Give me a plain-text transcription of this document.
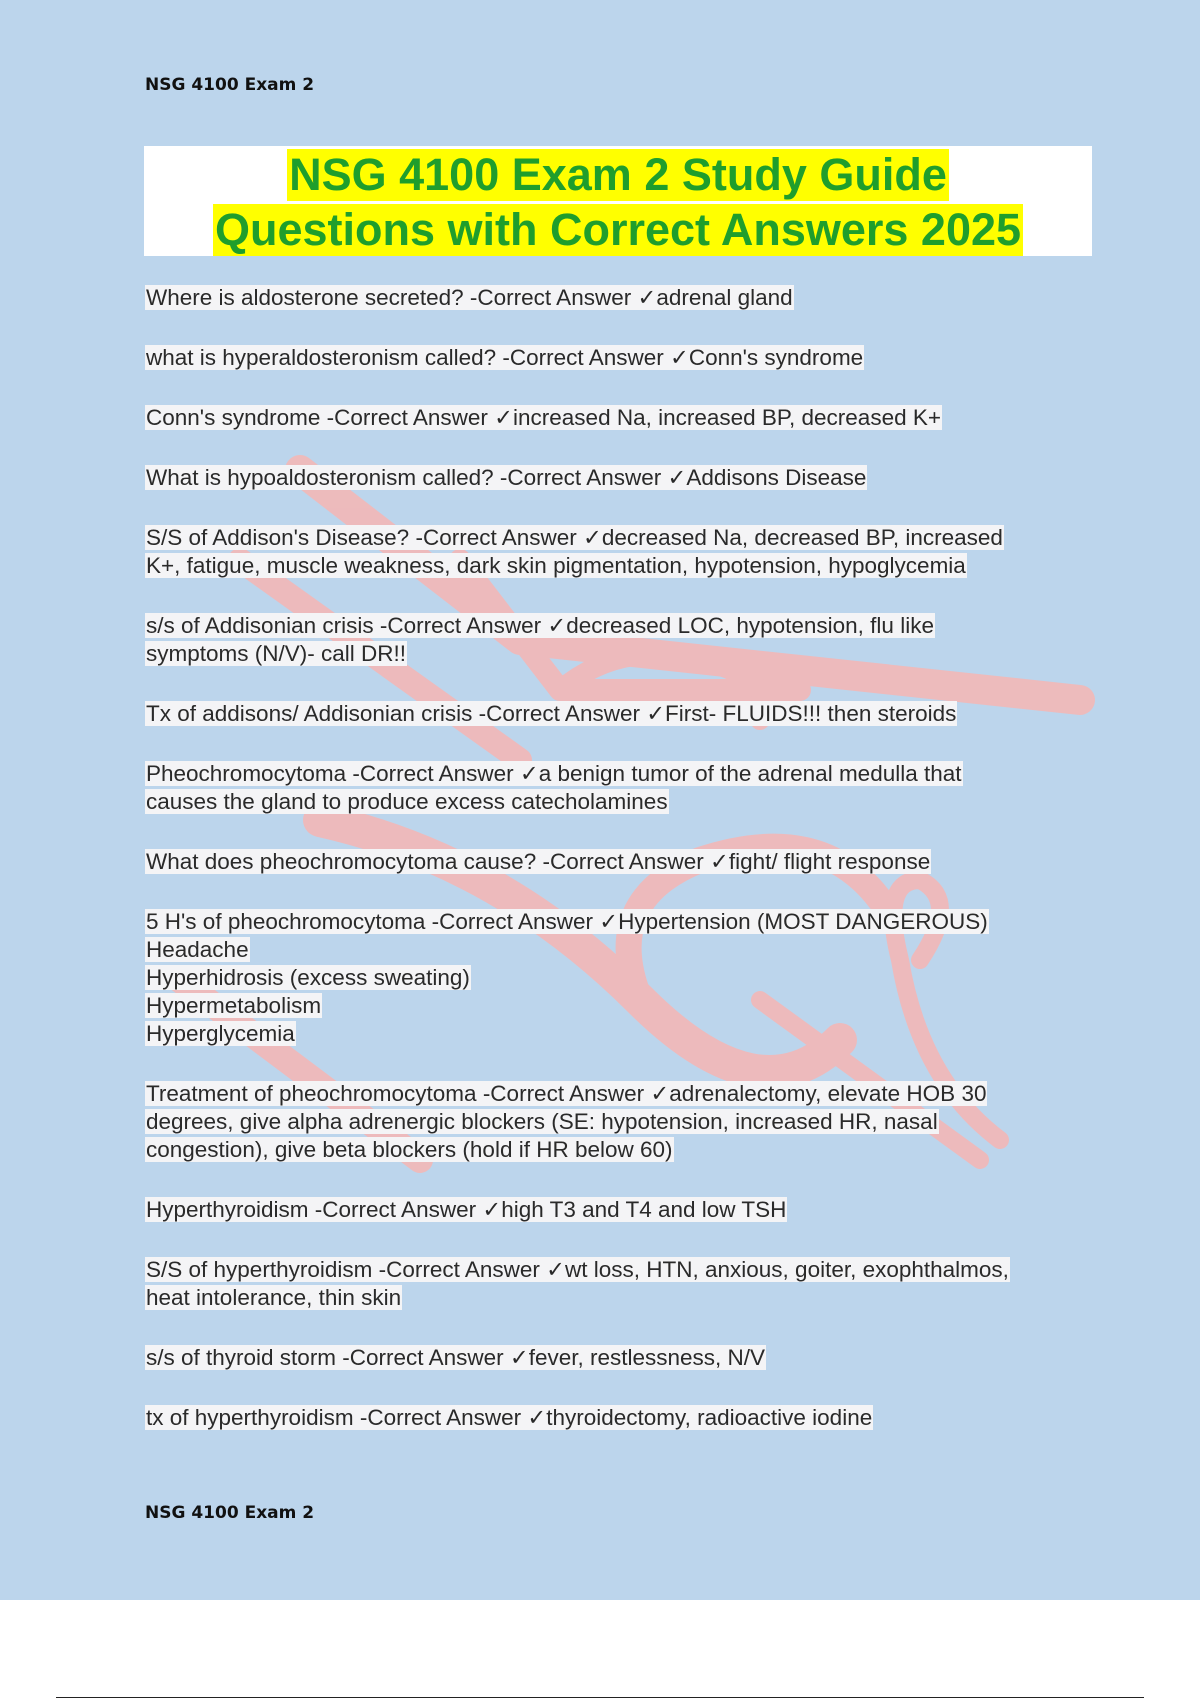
NSG 4100 Exam 2
NSG 4100 Exam 2 Study Guide
Questions with Correct Answers 2025
Where is aldosterone secreted? -Correct Answer ✓adrenal gland
what is hyperaldosteronism called? -Correct Answer ✓Conn's syndrome
Conn's syndrome -Correct Answer ✓increased Na, increased BP, decreased K+
What is hypoaldosteronism called? -Correct Answer ✓Addisons Disease
S/S of Addison's Disease? -Correct Answer ✓decreased Na, decreased BP, increased
K+, fatigue, muscle weakness, dark skin pigmentation, hypotension, hypoglycemia
s/s of Addisonian crisis -Correct Answer ✓decreased LOC, hypotension, flu like
symptoms (N/V)- call DR!!
Tx of addisons/ Addisonian crisis -Correct Answer ✓First- FLUIDS!!! then steroids
Pheochromocytoma -Correct Answer ✓a benign tumor of the adrenal medulla that
causes the gland to produce excess catecholamines
What does pheochromocytoma cause? -Correct Answer ✓fight/ flight response
5 H's of pheochromocytoma -Correct Answer ✓Hypertension (MOST DANGEROUS)
Headache
Hyperhidrosis (excess sweating)
Hypermetabolism
Hyperglycemia
Treatment of pheochromocytoma -Correct Answer ✓adrenalectomy, elevate HOB 30
degrees, give alpha adrenergic blockers (SE: hypotension, increased HR, nasal
congestion), give beta blockers (hold if HR below 60)
Hyperthyroidism -Correct Answer ✓high T3 and T4 and low TSH
S/S of hyperthyroidism -Correct Answer ✓wt loss, HTN, anxious, goiter, exophthalmos,
heat intolerance, thin skin
s/s of thyroid storm -Correct Answer ✓fever, restlessness, N/V
tx of hyperthyroidism -Correct Answer ✓thyroidectomy, radioactive iodine
NSG 4100 Exam 2
